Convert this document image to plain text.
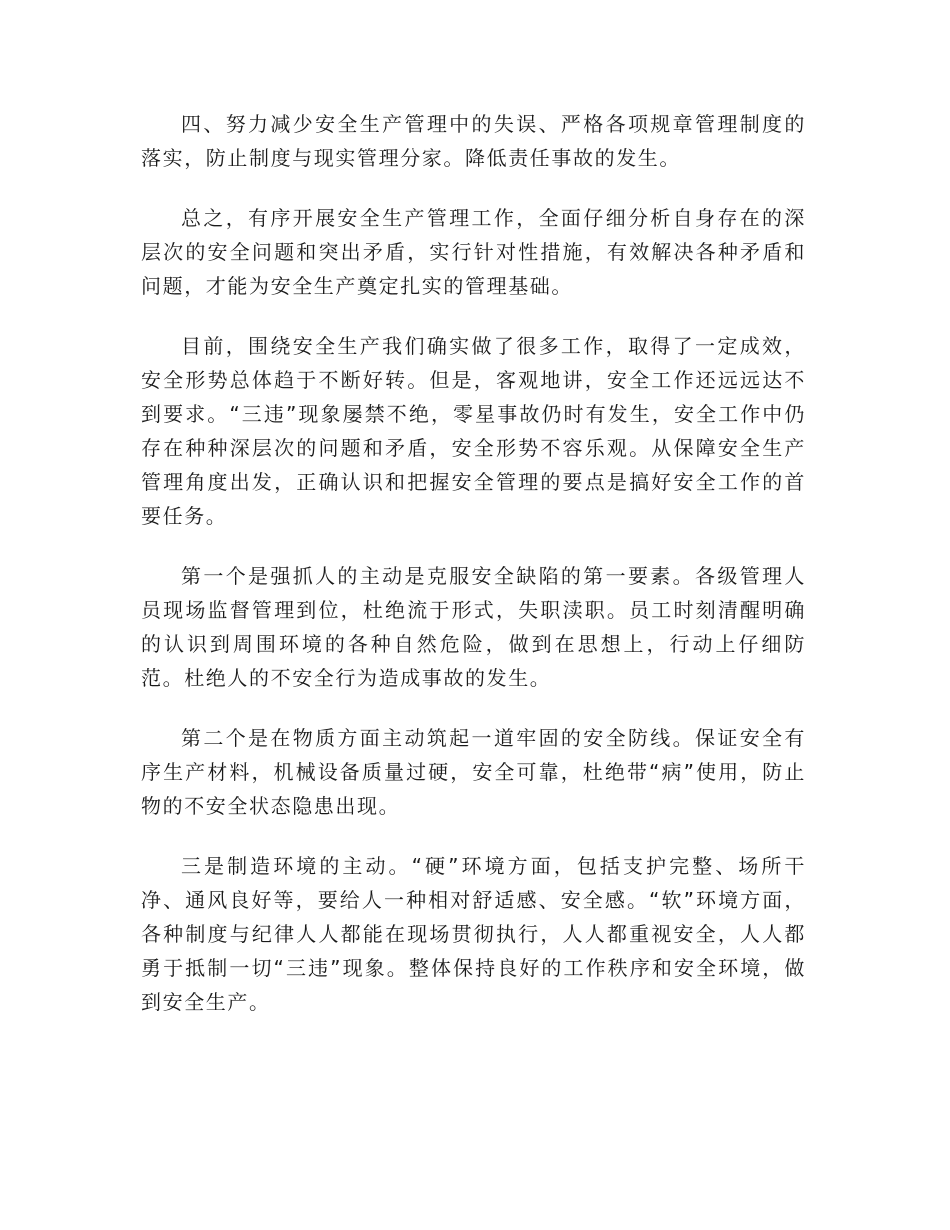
四、努力减少安全生产管理中的失误、严格各项规章管理制度的落实，防止制度与现实管理分家。降低责任事故的发生。

总之，有序开展安全生产管理工作，全面仔细分析自身存在的深层次的安全问题和突出矛盾，实行针对性措施，有效解决各种矛盾和问题，才能为安全生产奠定扎实的管理基础。

目前，围绕安全生产我们确实做了很多工作，取得了一定成效，安全形势总体趋于不断好转。但是，客观地讲，安全工作还远远达不到要求。“三违”现象屡禁不绝，零星事故仍时有发生，安全工作中仍存在种种深层次的问题和矛盾，安全形势不容乐观。从保障安全生产管理角度出发，正确认识和把握安全管理的要点是搞好安全工作的首要任务。

第一个是强抓人的主动是克服安全缺陷的第一要素。各级管理人员现场监督管理到位，杜绝流于形式，失职渎职。员工时刻清醒明确的认识到周围环境的各种自然危险，做到在思想上，行动上仔细防范。杜绝人的不安全行为造成事故的发生。

第二个是在物质方面主动筑起一道牢固的安全防线。保证安全有序生产材料，机械设备质量过硬，安全可靠，杜绝带“病”使用，防止物的不安全状态隐患出现。

三是制造环境的主动。“硬”环境方面，包括支护完整、场所干净、通风良好等，要给人一种相对舒适感、安全感。“软”环境方面，各种制度与纪律人人都能在现场贯彻执行，人人都重视安全，人人都勇于抵制一切“三违”现象。整体保持良好的工作秩序和安全环境，做到安全生产。
